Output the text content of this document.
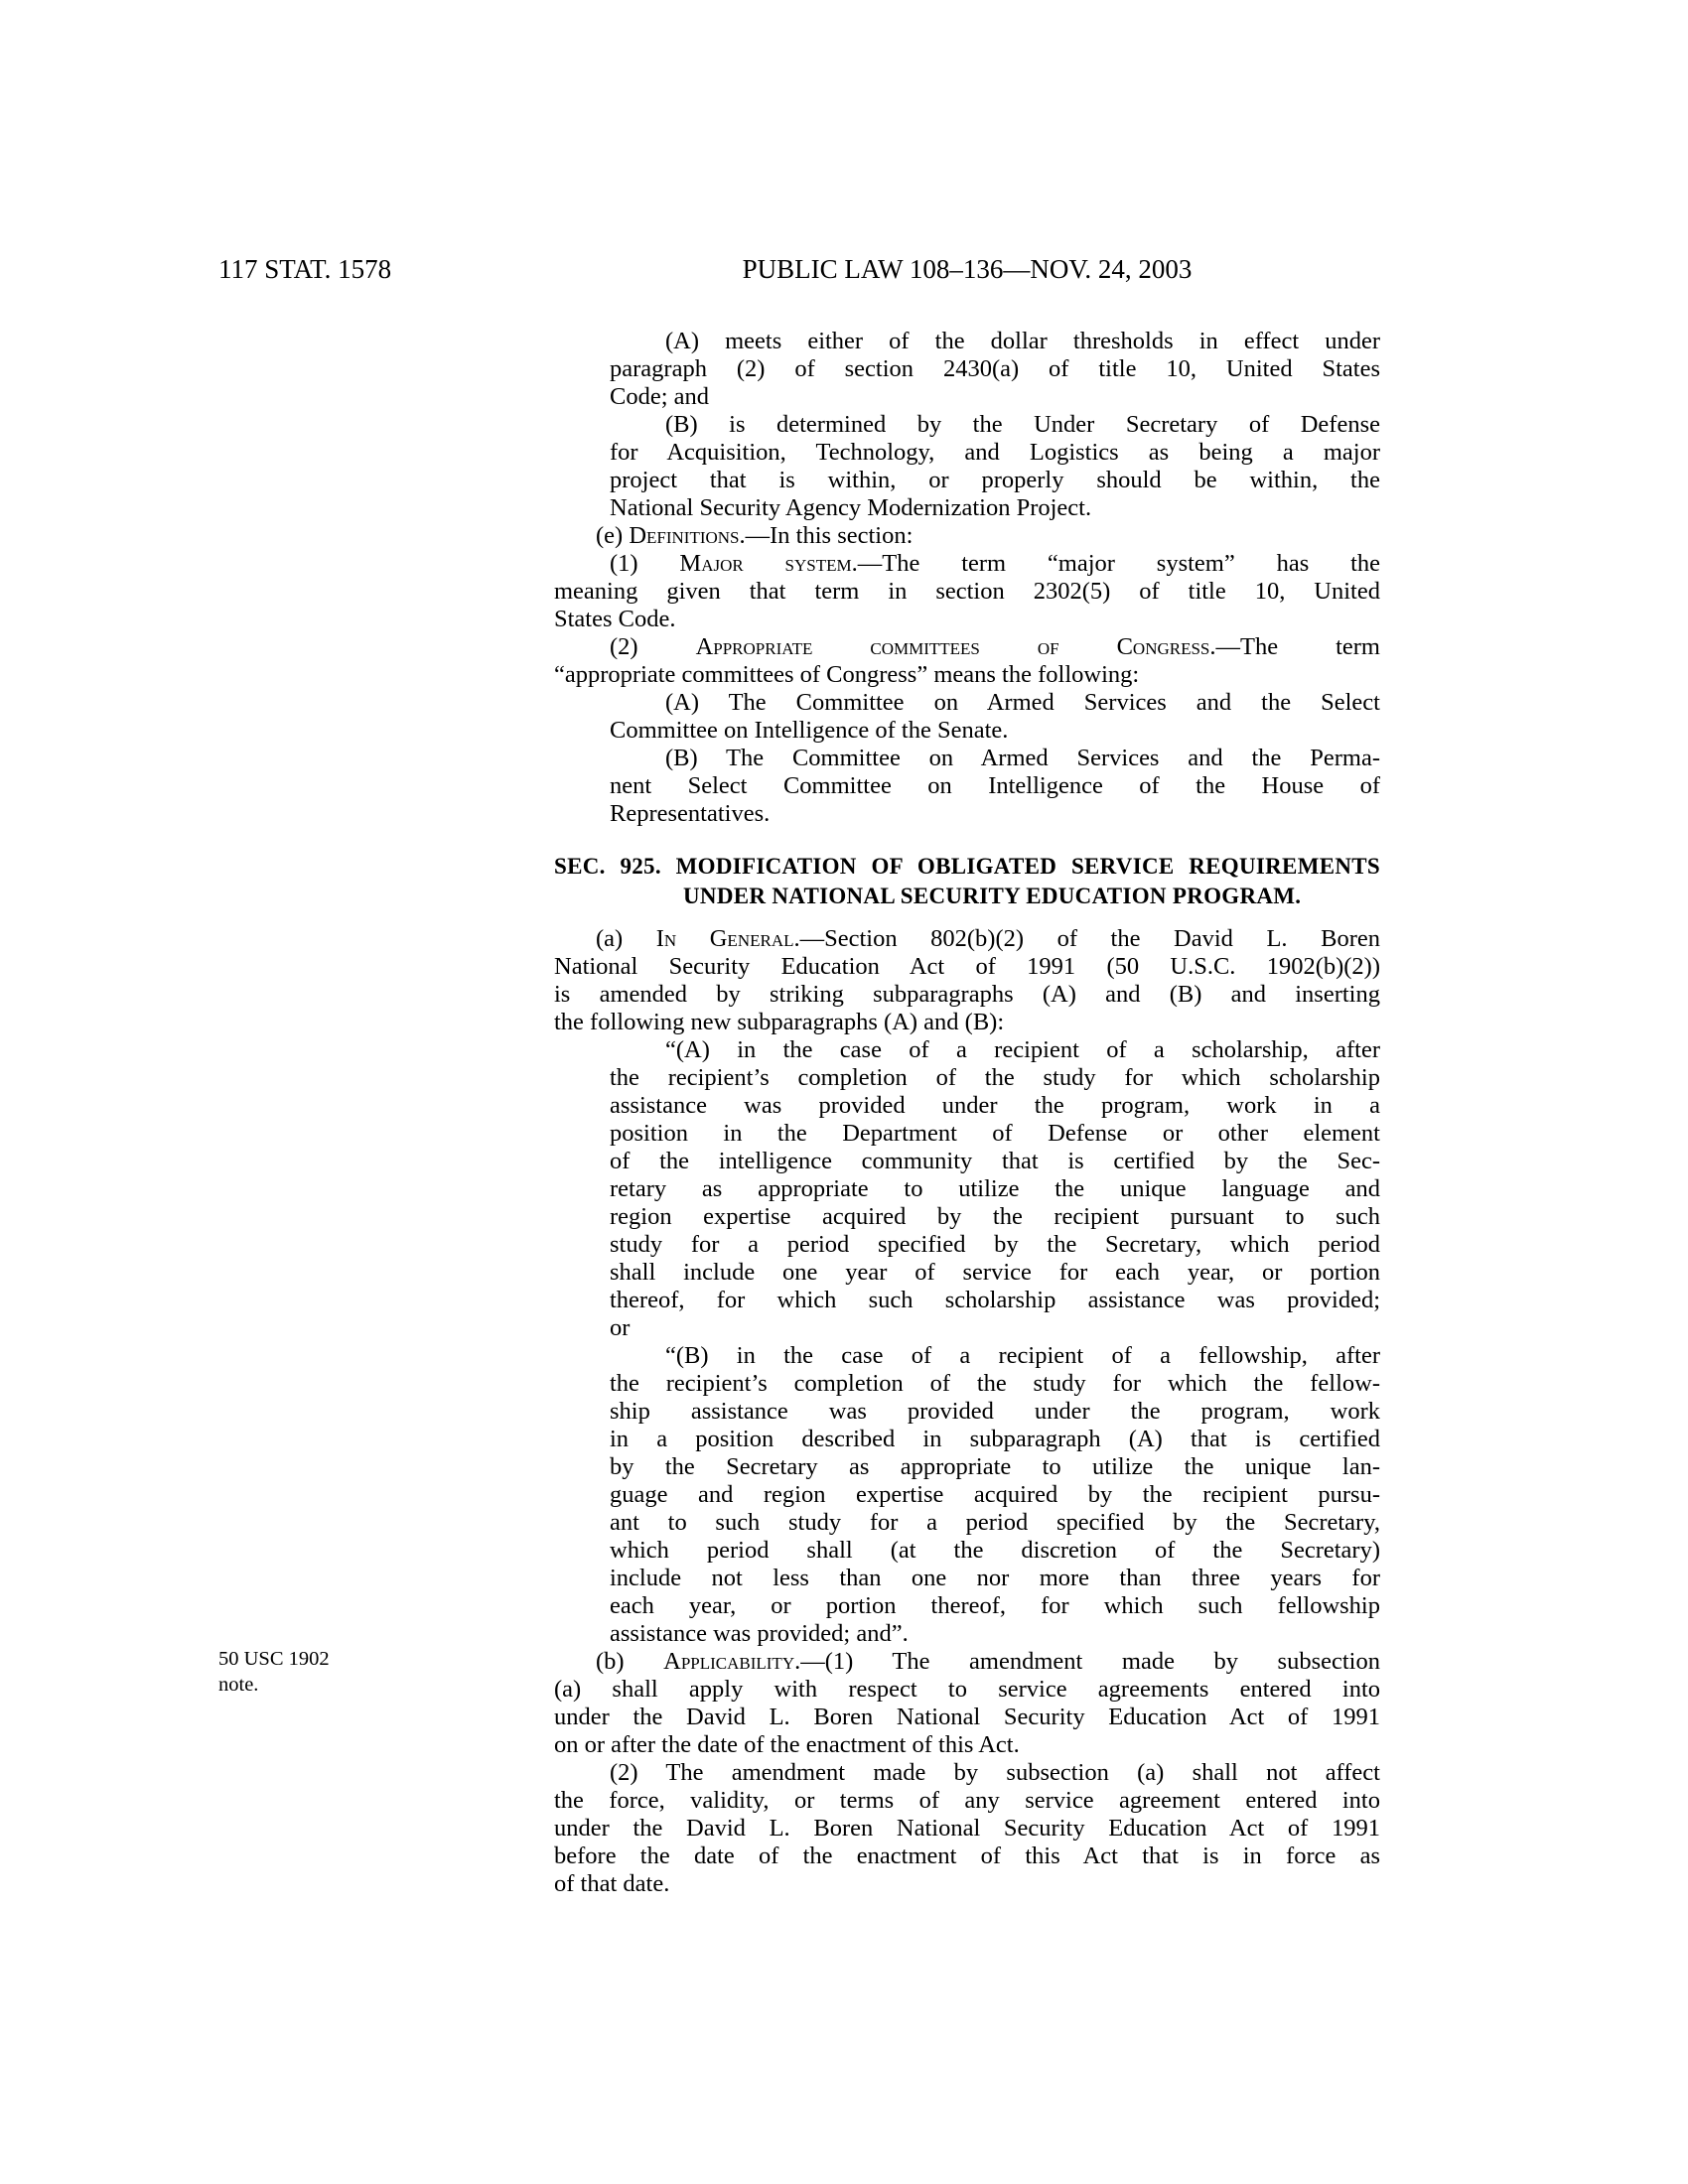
117 STAT. 1578	PUBLIC LAW 108–136—NOV. 24, 2003
50 USC 1902
note.
(A) meets either of the dollar thresholds in effect under
paragraph (2) of section 2430(a) of title 10, United States
Code; and
(B) is determined by the Under Secretary of Defense
for Acquisition, Technology, and Logistics as being a major
project that is within, or properly should be within, the
National Security Agency Modernization Project.
(e) Definitions.—In this section:
(1) Major system.—The term “major system” has the
meaning given that term in section 2302(5) of title 10, United
States Code.
(2) Appropriate committees of Congress.—The term
“appropriate committees of Congress” means the following:
(A) The Committee on Armed Services and the Select
Committee on Intelligence of the Senate.
(B) The Committee on Armed Services and the Perma-
nent Select Committee on Intelligence of the House of
Representatives.
SEC. 925. MODIFICATION OF OBLIGATED SERVICE REQUIREMENTS
UNDER NATIONAL SECURITY EDUCATION PROGRAM.
(a) In General.—Section 802(b)(2) of the David L. Boren
National Security Education Act of 1991 (50 U.S.C. 1902(b)(2))
is amended by striking subparagraphs (A) and (B) and inserting
the following new subparagraphs (A) and (B):
“(A) in the case of a recipient of a scholarship, after
the recipient’s completion of the study for which scholarship
assistance was provided under the program, work in a
position in the Department of Defense or other element
of the intelligence community that is certified by the Sec-
retary as appropriate to utilize the unique language and
region expertise acquired by the recipient pursuant to such
study for a period specified by the Secretary, which period
shall include one year of service for each year, or portion
thereof, for which such scholarship assistance was provided;
or
“(B) in the case of a recipient of a fellowship, after
the recipient’s completion of the study for which the fellow-
ship assistance was provided under the program, work
in a position described in subparagraph (A) that is certified
by the Secretary as appropriate to utilize the unique lan-
guage and region expertise acquired by the recipient pursu-
ant to such study for a period specified by the Secretary,
which period shall (at the discretion of the Secretary)
include not less than one nor more than three years for
each year, or portion thereof, for which such fellowship
assistance was provided; and”.
(b) Applicability.—(1) The amendment made by subsection
(a) shall apply with respect to service agreements entered into
under the David L. Boren National Security Education Act of 1991
on or after the date of the enactment of this Act.
(2) The amendment made by subsection (a) shall not affect
the force, validity, or terms of any service agreement entered into
under the David L. Boren National Security Education Act of 1991
before the date of the enactment of this Act that is in force as
of that date.
